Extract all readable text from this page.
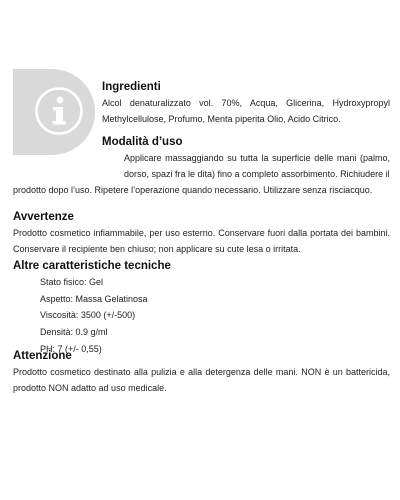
Ingredienti

Alcol denaturalizzato vol. 70%, Acqua, Glicerina, Hydroxypropyl Methylcellulose, Profumo, Menta piperita Olio, Acido Citrico.

Modalità d’uso

Applicare massaggiando su tutta la superficie delle mani (palmo, dorso, spazi fra le dita) fino a completo assorbimento. Richiudere il

prodotto dopo l’uso. Ripetere l’operazione quando necessario. Utilizzare senza risciacquo.

Avvertenze

Prodotto cosmetico infiammabile, per uso esterno. Conservare fuori dalla portata dei bambini. Conservare il recipiente ben chiuso; non applicare su cute lesa o irritata.

Altre caratteristiche tecniche
Stato fisico: Gel
Aspetto: Massa Gelatinosa
Viscosità: 3500 (+/-500)
Densità: 0.9 g/ml
PH: 7 (+/- 0,55)
Attenzione

Prodotto cosmetico destinato alla pulizia e alla detergenza delle mani. NON è un battericida, prodotto NON adatto ad uso medicale.
